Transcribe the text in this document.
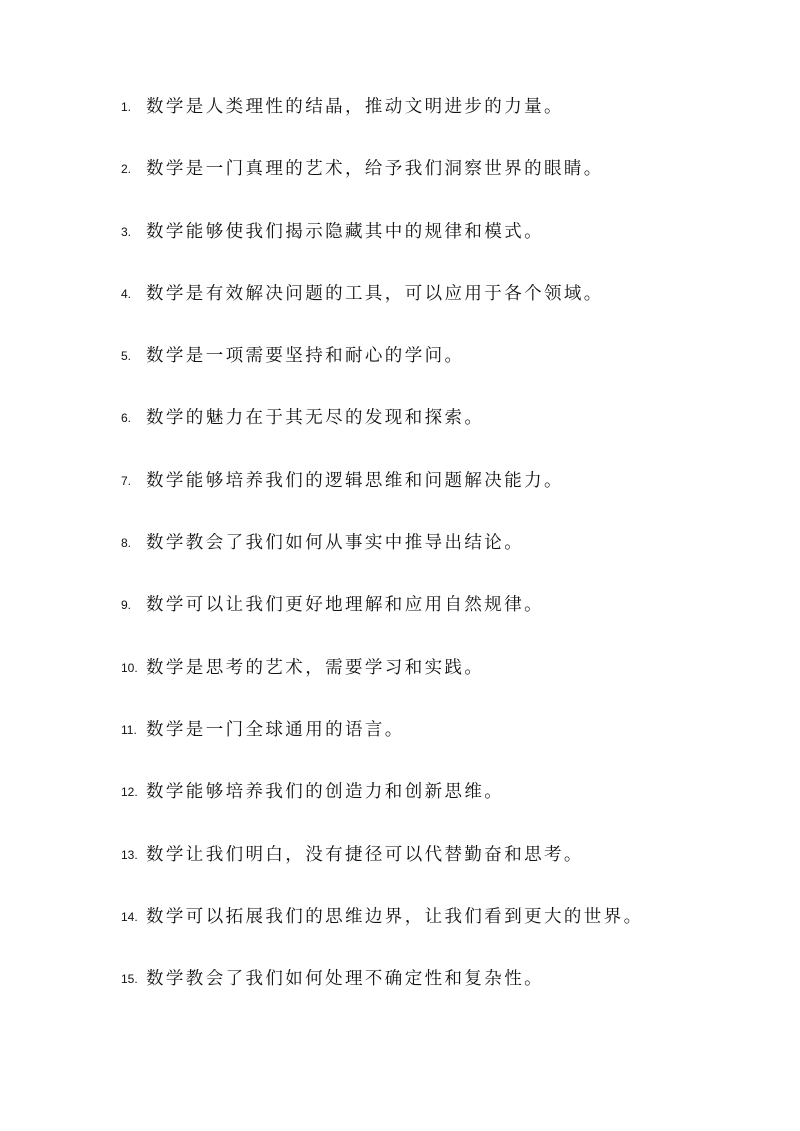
1. 数学是人类理性的结晶，推动文明进步的力量。
2. 数学是一门真理的艺术，给予我们洞察世界的眼睛。
3. 数学能够使我们揭示隐藏其中的规律和模式。
4. 数学是有效解决问题的工具，可以应用于各个领域。
5. 数学是一项需要坚持和耐心的学问。
6. 数学的魅力在于其无尽的发现和探索。
7. 数学能够培养我们的逻辑思维和问题解决能力。
8. 数学教会了我们如何从事实中推导出结论。
9. 数学可以让我们更好地理解和应用自然规律。
10. 数学是思考的艺术，需要学习和实践。
11. 数学是一门全球通用的语言。
12. 数学能够培养我们的创造力和创新思维。
13. 数学让我们明白，没有捷径可以代替勤奋和思考。
14. 数学可以拓展我们的思维边界，让我们看到更大的世界。
15. 数学教会了我们如何处理不确定性和复杂性。
